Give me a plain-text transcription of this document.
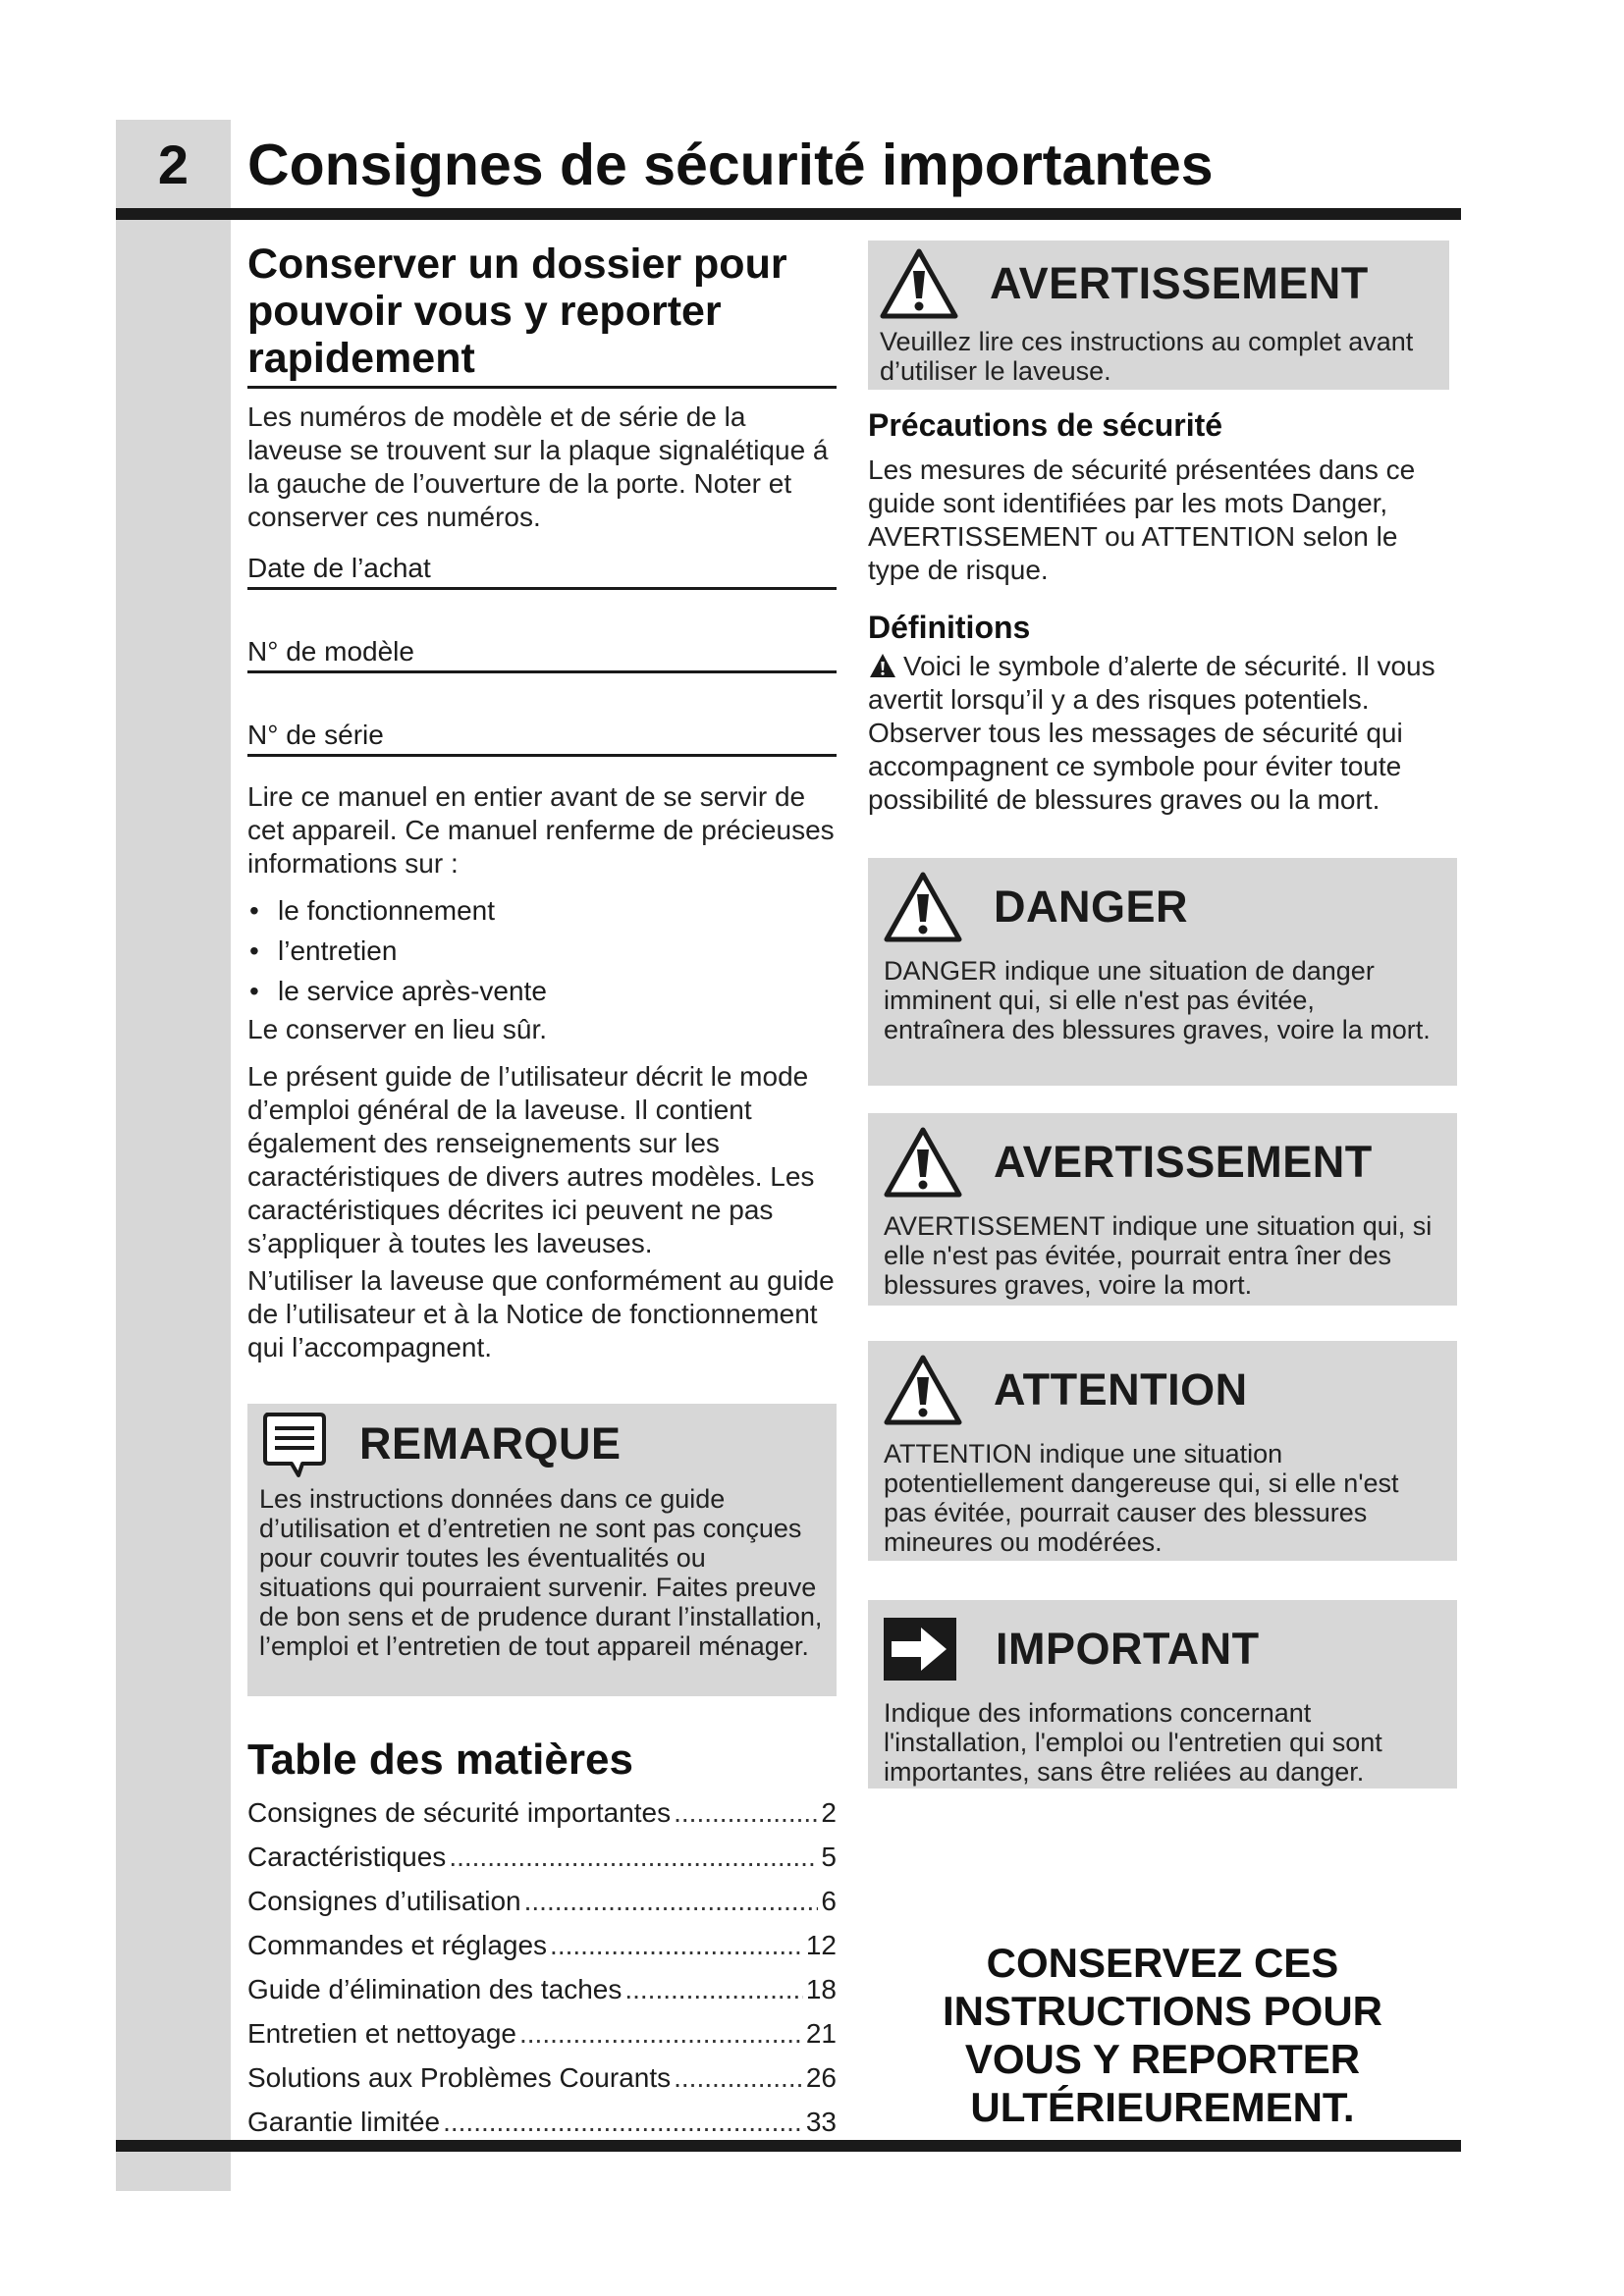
2	Consignes de sécurité importantes
Conserver un dossier pour pouvoir vous y reporter rapidement

Les numéros de modèle et de série de la laveuse se trouvent sur la plaque signalétique á la gauche de l’ouverture de la porte. Noter et conserver ces numéros.

Date de l’achat
N° de modèle
N° de série

Lire ce manuel en entier avant de se servir de cet appareil. Ce manuel renferme de précieuses informations sur :

• le fonctionnement
• l’entretien
• le service après-vente

Le conserver en lieu sûr.

Le présent guide de l’utilisateur décrit le mode d’emploi général de la laveuse. Il contient également des renseignements sur les caractéristiques de divers autres modèles. Les caractéristiques décrites ici peuvent ne pas s’appliquer à toutes les laveuses.

N’utiliser la laveuse que conformément au guide de l’utilisateur et à la Notice de fonctionnement qui l’accompagnent.

REMARQUE

Les instructions données dans ce guide d’utilisation et d’entretien ne sont pas conçues pour couvrir toutes les éventualités ou situations qui pourraient survenir. Faites preuve de bon sens et de prudence durant l’installation, l’emploi et l’entretien de tout appareil ménager.

Table des matières
Consignes de sécurité importantes .....	2
Caractéristiques .....	5
Consignes d’utilisation .....	6
Commandes et réglages .....	12
Guide d’élimination des taches .....	18
Entretien et nettoyage .....	21
Solutions aux Problèmes Courants .....	26
Garantie limitée .....	33
AVERTISSEMENT

Veuillez lire ces instructions au complet avant d’utiliser le laveuse.

Précautions de sécurité

Les mesures de sécurité présentées dans ce guide sont identifiées par les mots Danger, AVERTISSEMENT ou ATTENTION selon le type de risque.

Définitions

Voici le symbole d’alerte de sécurité. Il vous avertit lorsqu’il y a des risques potentiels. Observer tous les messages de sécurité qui accompagnent ce symbole pour éviter toute possibilité de blessures graves ou la mort.

DANGER

DANGER indique une situation de danger imminent qui, si elle n'est pas évitée, entraînera des blessures graves, voire la mort.

AVERTISSEMENT

AVERTISSEMENT indique une situation qui, si elle n'est pas évitée, pourrait entra îner des blessures graves, voire la mort.

ATTENTION

ATTENTION indique une situation potentiellement dangereuse qui, si elle n'est pas évitée, pourrait causer des blessures mineures ou modérées.

IMPORTANT

Indique des informations concernant l'installation, l'emploi ou l'entretien qui sont importantes, sans être reliées au danger.

CONSERVEZ CES
INSTRUCTIONS POUR
VOUS Y REPORTER
ULTÉRIEUREMENT.
